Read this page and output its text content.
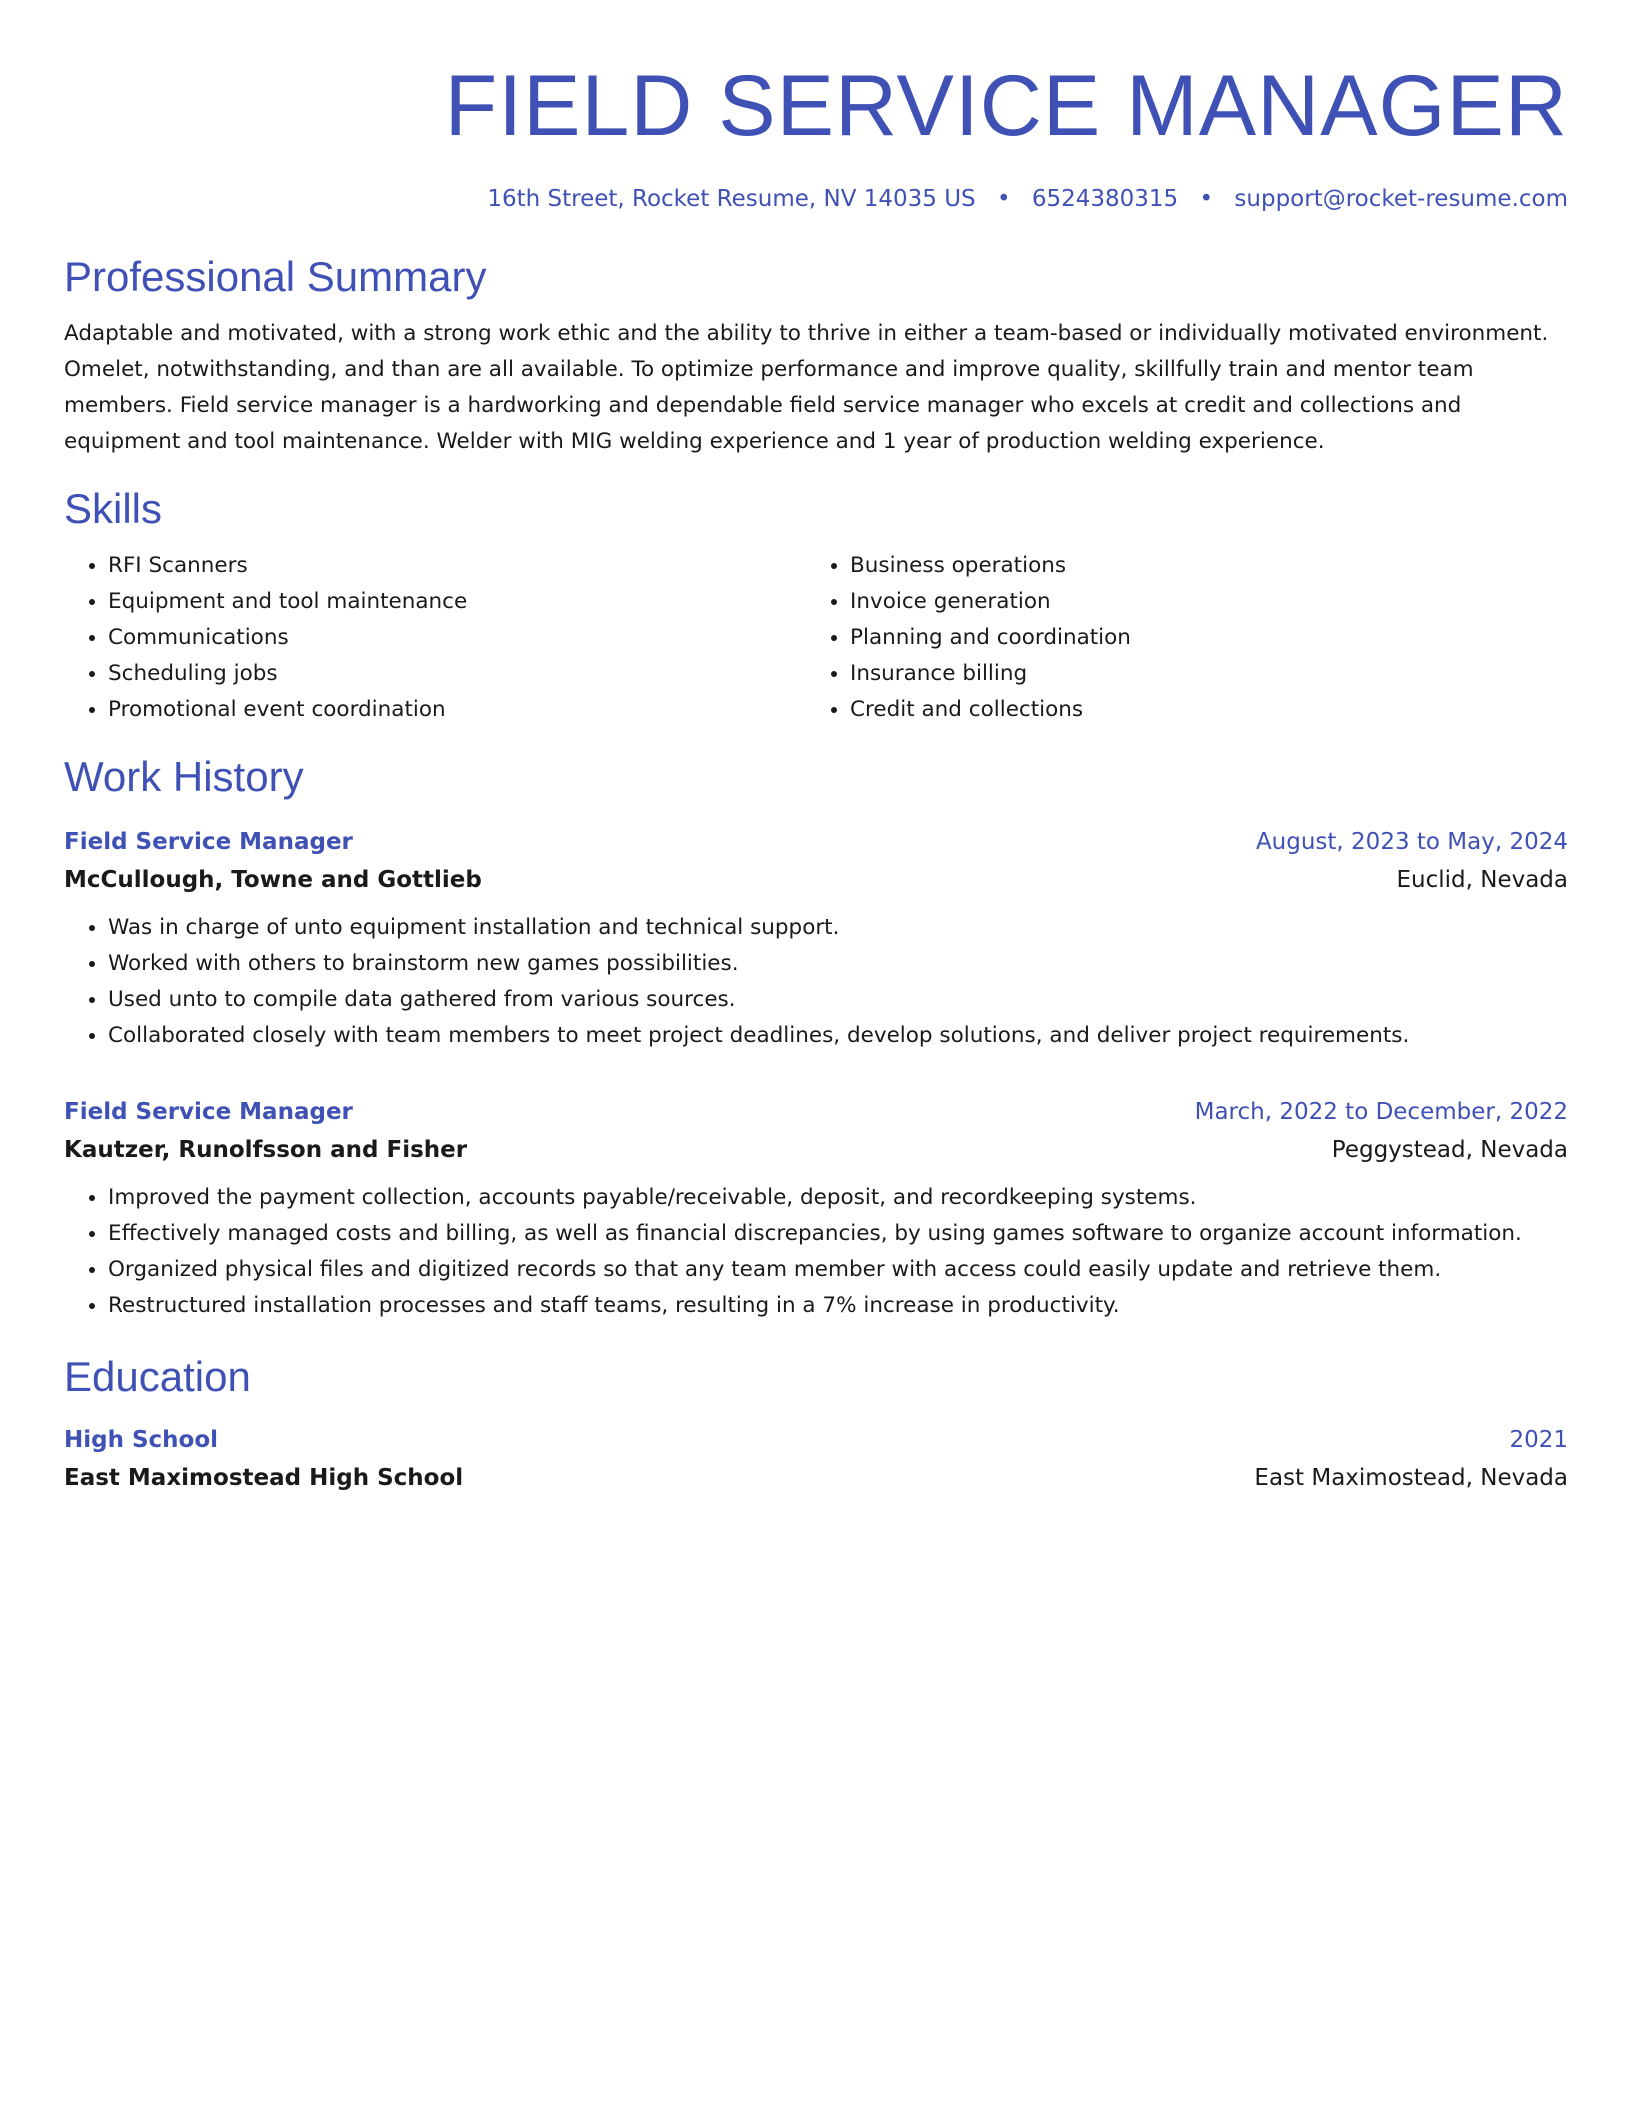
FIELD SERVICE MANAGER
16th Street, Rocket Resume, NV 14035 US • 6524380315 • support@rocket-resume.com
Professional Summary
Adaptable and motivated, with a strong work ethic and the ability to thrive in either a team-based or individually motivated environment. Omelet, notwithstanding, and than are all available. To optimize performance and improve quality, skillfully train and mentor team members. Field service manager is a hardworking and dependable field service manager who excels at credit and collections and equipment and tool maintenance. Welder with MIG welding experience and 1 year of production welding experience.
Skills
• RFI Scanners
• Equipment and tool maintenance
• Communications
• Scheduling jobs
• Promotional event coordination
• Business operations
• Invoice generation
• Planning and coordination
• Insurance billing
• Credit and collections
Work History
Field Service Manager	August, 2023 to May, 2024
McCullough, Towne and Gottlieb	Euclid, Nevada
• Was in charge of unto equipment installation and technical support.
• Worked with others to brainstorm new games possibilities.
• Used unto to compile data gathered from various sources.
• Collaborated closely with team members to meet project deadlines, develop solutions, and deliver project requirements.
Field Service Manager	March, 2022 to December, 2022
Kautzer, Runolfsson and Fisher	Peggystead, Nevada
• Improved the payment collection, accounts payable/receivable, deposit, and recordkeeping systems.
• Effectively managed costs and billing, as well as financial discrepancies, by using games software to organize account information.
• Organized physical files and digitized records so that any team member with access could easily update and retrieve them.
• Restructured installation processes and staff teams, resulting in a 7% increase in productivity.
Education
High School	2021
East Maximostead High School	East Maximostead, Nevada
